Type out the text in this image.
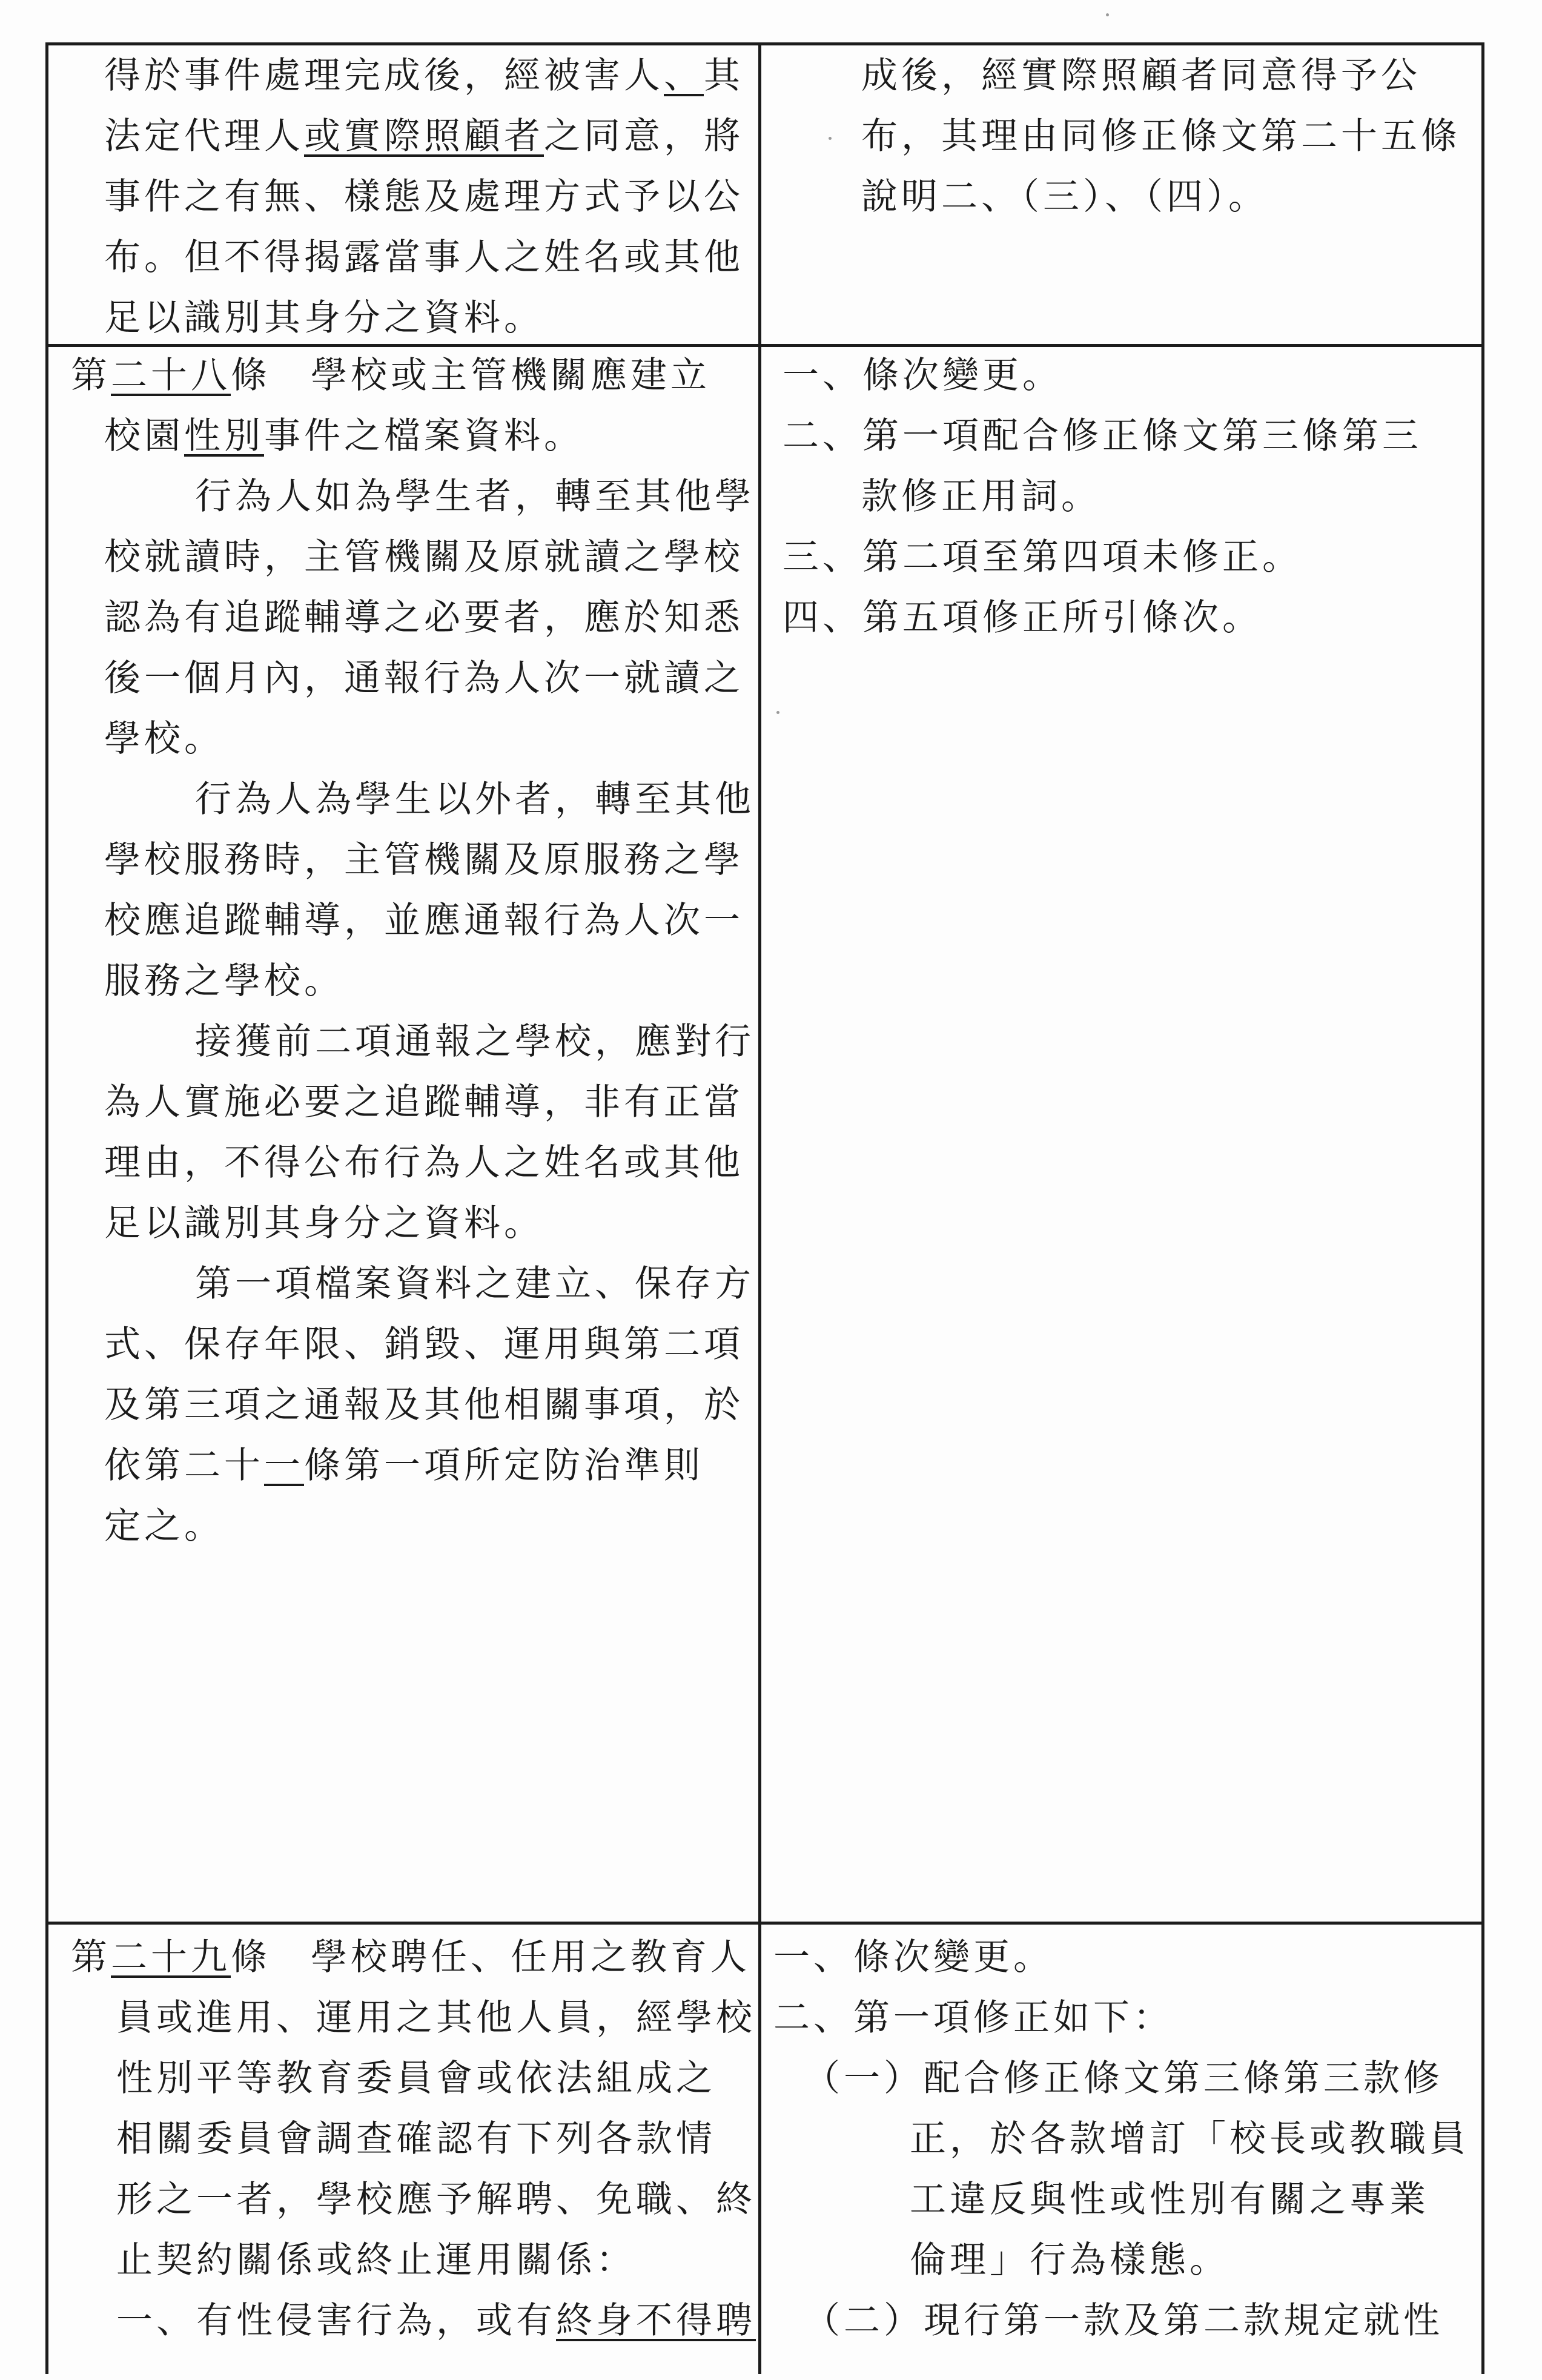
得於事件處理完成後，經被害人、其
法定代理人或實際照顧者之同意，將
事件之有無、樣態及處理方式予以公
布。但不得揭露當事人之姓名或其他
足以識別其身分之資料。
成後，經實際照顧者同意得予公
布，其理由同修正條文第二十五條
說明二、（三）、（四）。
第二十八條　學校或主管機關應建立
校園性別事件之檔案資料。
行為人如為學生者，轉至其他學
校就讀時，主管機關及原就讀之學校
認為有追蹤輔導之必要者，應於知悉
後一個月內，通報行為人次一就讀之
學校。
行為人為學生以外者，轉至其他
學校服務時，主管機關及原服務之學
校應追蹤輔導，並應通報行為人次一
服務之學校。
接獲前二項通報之學校，應對行
為人實施必要之追蹤輔導，非有正當
理由，不得公布行為人之姓名或其他
足以識別其身分之資料。
第一項檔案資料之建立、保存方
式、保存年限、銷毀、運用與第二項
及第三項之通報及其他相關事項，於
依第二十一條第一項所定防治準則
定之。
一、條次變更。
二、第一項配合修正條文第三條第三
款修正用詞。
三、第二項至第四項未修正。
四、第五項修正所引條次。
第二十九條　學校聘任、任用之教育人
員或進用、運用之其他人員，經學校
性別平等教育委員會或依法組成之
相關委員會調查確認有下列各款情
形之一者，學校應予解聘、免職、終
止契約關係或終止運用關係：
一、有性侵害行為，或有終身不得聘
一、條次變更。
二、第一項修正如下：
（一）配合修正條文第三條第三款修
正，於各款增訂「校長或教職員
工違反與性或性別有關之專業
倫理」行為樣態。
（二）現行第一款及第二款規定就性
